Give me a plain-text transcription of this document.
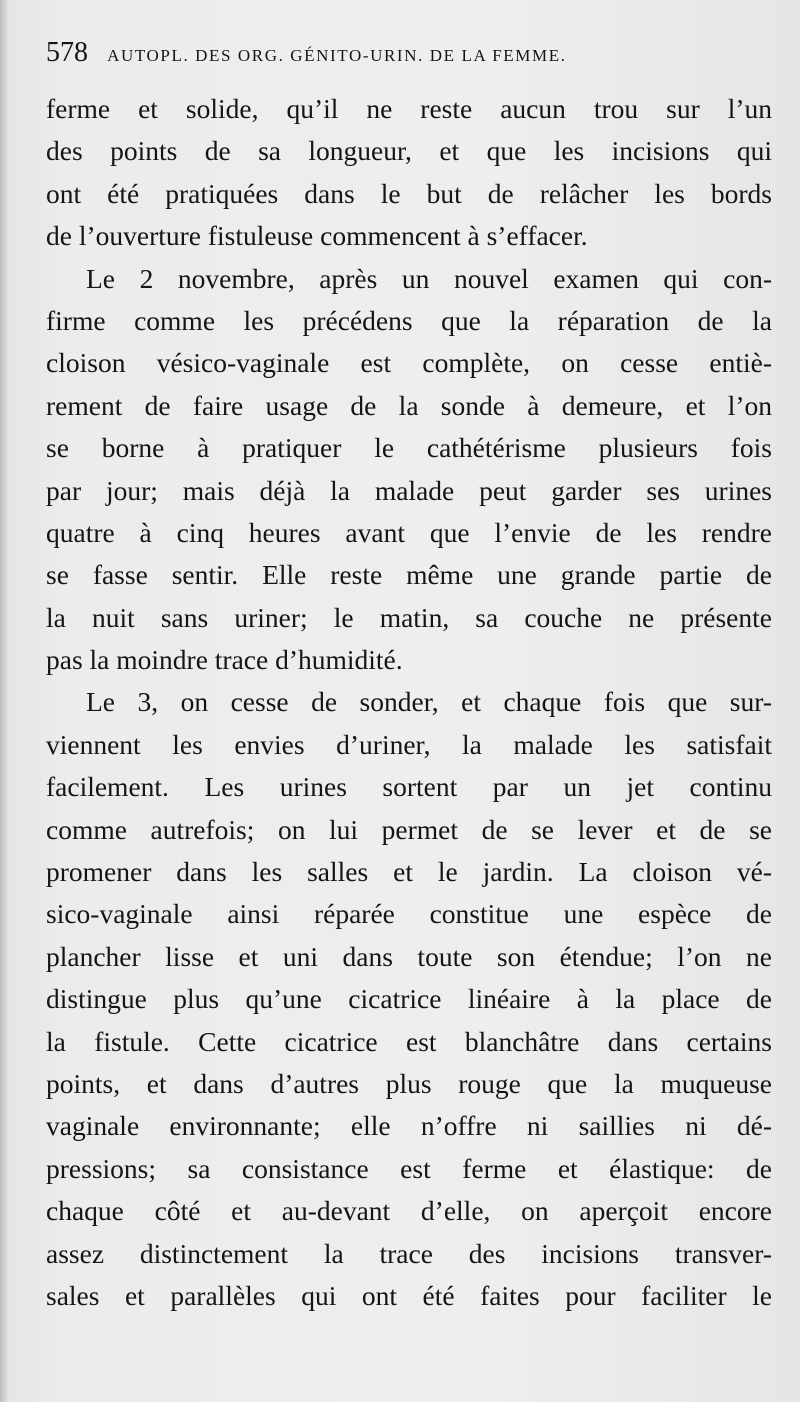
578 AUTOPL. DES ORG. GÉNITO-URIN. DE LA FEMME.
ferme et solide, qu’il ne reste aucun trou sur l’un
des points de sa longueur, et que les incisions qui
ont été pratiquées dans le but de relâcher les bords
de l’ouverture fistuleuse commencent à s’effacer.
Le 2 novembre, après un nouvel examen qui con-
firme comme les précédens que la réparation de la
cloison vésico-vaginale est complète, on cesse entiè-
rement de faire usage de la sonde à demeure, et l’on
se borne à pratiquer le cathétérisme plusieurs fois
par jour; mais déjà la malade peut garder ses urines
quatre à cinq heures avant que l’envie de les rendre
se fasse sentir. Elle reste même une grande partie de
la nuit sans uriner; le matin, sa couche ne présente
pas la moindre trace d’humidité.
Le 3, on cesse de sonder, et chaque fois que sur-
viennent les envies d’uriner, la malade les satisfait
facilement. Les urines sortent par un jet continu
comme autrefois; on lui permet de se lever et de se
promener dans les salles et le jardin. La cloison vé-
sico-vaginale ainsi réparée constitue une espèce de
plancher lisse et uni dans toute son étendue; l’on ne
distingue plus qu’une cicatrice linéaire à la place de
la fistule. Cette cicatrice est blanchâtre dans certains
points, et dans d’autres plus rouge que la muqueuse
vaginale environnante; elle n’offre ni saillies ni dé-
pressions; sa consistance est ferme et élastique: de
chaque côté et au-devant d’elle, on aperçoit encore
assez distinctement la trace des incisions transver-
sales et parallèles qui ont été faites pour faciliter le
